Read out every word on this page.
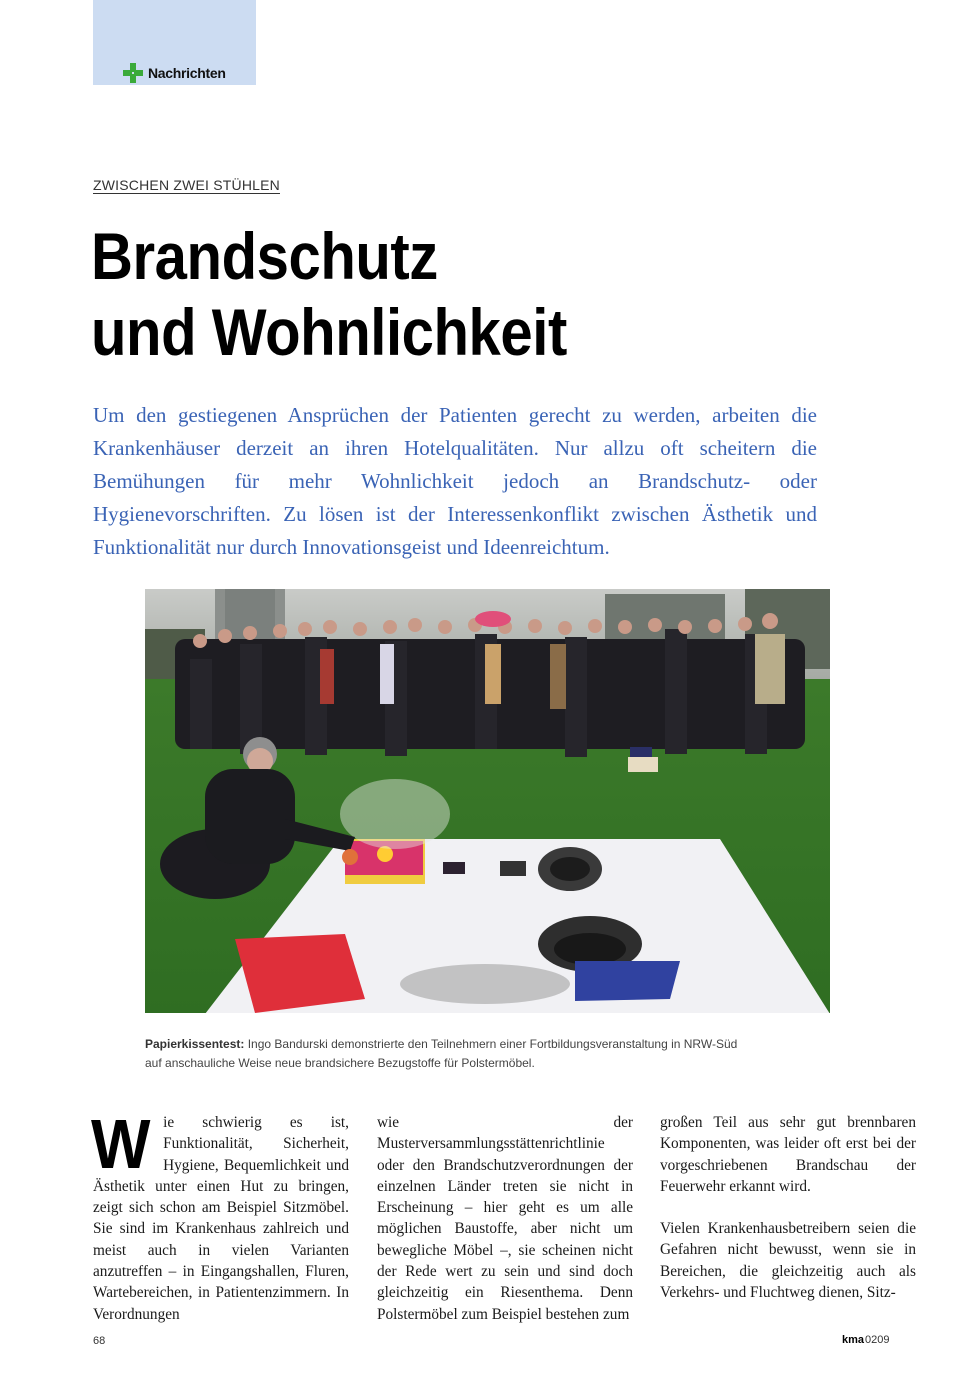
Nachrichten
ZWISCHEN ZWEI STÜHLEN
Brandschutz
und Wohnlichkeit
Um den gestiegenen Ansprüchen der Patienten gerecht zu werden, arbeiten die Krankenhäuser derzeit an ihren Hotelqualitäten. Nur allzu oft scheitern die Bemühungen für mehr Wohnlichkeit jedoch an Brandschutz- oder Hygienevorschriften. Zu lösen ist der Interessenkonflikt zwischen Ästhetik und Funktionalität nur durch Innovationsgeist und Ideenreichtum.
Papierkissentest: Ingo Bandurski demonstrierte den Teilnehmern einer Fortbildungsveranstaltung in NRW-Süd auf anschauliche Weise neue brandsichere Bezugstoffe für Polstermöbel.
Wie schwierig es ist, Funktionalität, Sicherheit, Hygiene, Bequemlichkeit und Ästhetik unter einen Hut zu bringen, zeigt sich schon am Beispiel Sitzmöbel. Sie sind im Krankenhaus zahlreich und meist auch in vielen Varianten anzutreffen – in Eingangshallen, Fluren, Wartebereichen, in Patientenzimmern. In Verordnungen
wie der Musterversammlungsstättenrichtlinie oder den Brandschutzverordnungen der einzelnen Länder treten sie nicht in Erscheinung – hier geht es um alle möglichen Baustoffe, aber nicht um bewegliche Möbel –, sie scheinen nicht der Rede wert zu sein und sind doch gleichzeitig ein Riesenthema. Denn Polstermöbel zum Beispiel bestehen zum
großen Teil aus sehr gut brennbaren Komponenten, was leider oft erst bei der vorgeschriebenen Brandschau der Feuerwehr erkannt wird.
Vielen Krankenhausbetreibern seien die Gefahren nicht bewusst, wenn sie in Bereichen, die gleichzeitig auch als Verkehrs- und Fluchtweg dienen, Sitz-
68	kma0209
